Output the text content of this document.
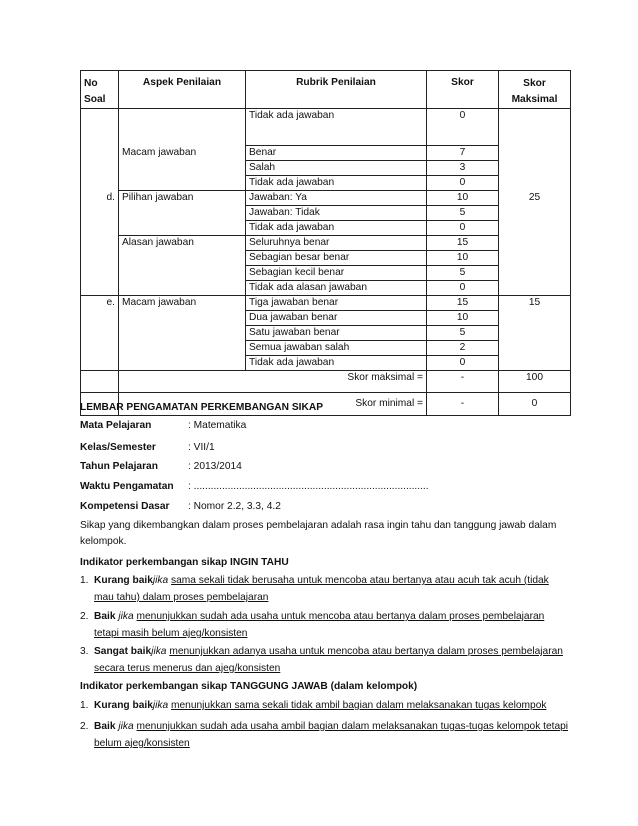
No Soal	Aspek Penilaian	Rubrik Penilaian	Skor	Skor Maksimal
		Tidak ada jawaban	0	
	Macam jawaban	Benar	7	
		Salah	3	
		Tidak ada jawaban	0	
d.	Pilihan jawaban	Jawaban: Ya	10	25
		Jawaban: Tidak	5	
		Tidak ada jawaban	0	
	Alasan jawaban	Seluruhnya benar	15	
		Sebagian besar benar	10	
		Sebagian kecil benar	5	
		Tidak ada alasan jawaban	0	
e.	Macam jawaban	Tiga jawaban benar	15	15
		Dua jawaban benar	10	
		Satu jawaban benar	5	
		Semua jawaban salah	2	
		Tidak ada jawaban	0	
	Skor maksimal =		-	100
	Skor minimal =		-	0
LEMBAR PENGAMATAN PERKEMBANGAN SIKAP
Mata Pelajaran	: Matematika
Kelas/Semester	: VII/1
Tahun Pelajaran	: 2013/2014
Waktu Pengamatan : ...................................................................................
Kompetensi Dasar : Nomor 2.2, 3.3, 4.2
Sikap yang dikembangkan dalam proses pembelajaran adalah rasa ingin tahu dan tanggung jawab dalam kelompok.
Indikator perkembangan sikap INGIN TAHU
1. Kurang baikjika sama sekali tidak berusaha untuk mencoba atau bertanya atau acuh tak acuh (tidak mau tahu) dalam proses pembelajaran
2. Baik jika menunjukkan sudah ada usaha untuk mencoba atau bertanya dalam proses pembelajaran tetapi masih belum ajeg/konsisten
3. Sangat baikjika menunjukkan adanya usaha untuk mencoba atau bertanya dalam proses pembelajaran secara terus menerus dan ajeg/konsisten
Indikator perkembangan sikap TANGGUNG JAWAB (dalam kelompok)
1. Kurang baikjika menunjukkan sama sekali tidak ambil bagian dalam melaksanakan tugas kelompok
2. Baik jika menunjukkan sudah ada usaha ambil bagian dalam melaksanakan tugas-tugas kelompok tetapi belum ajeg/konsisten
